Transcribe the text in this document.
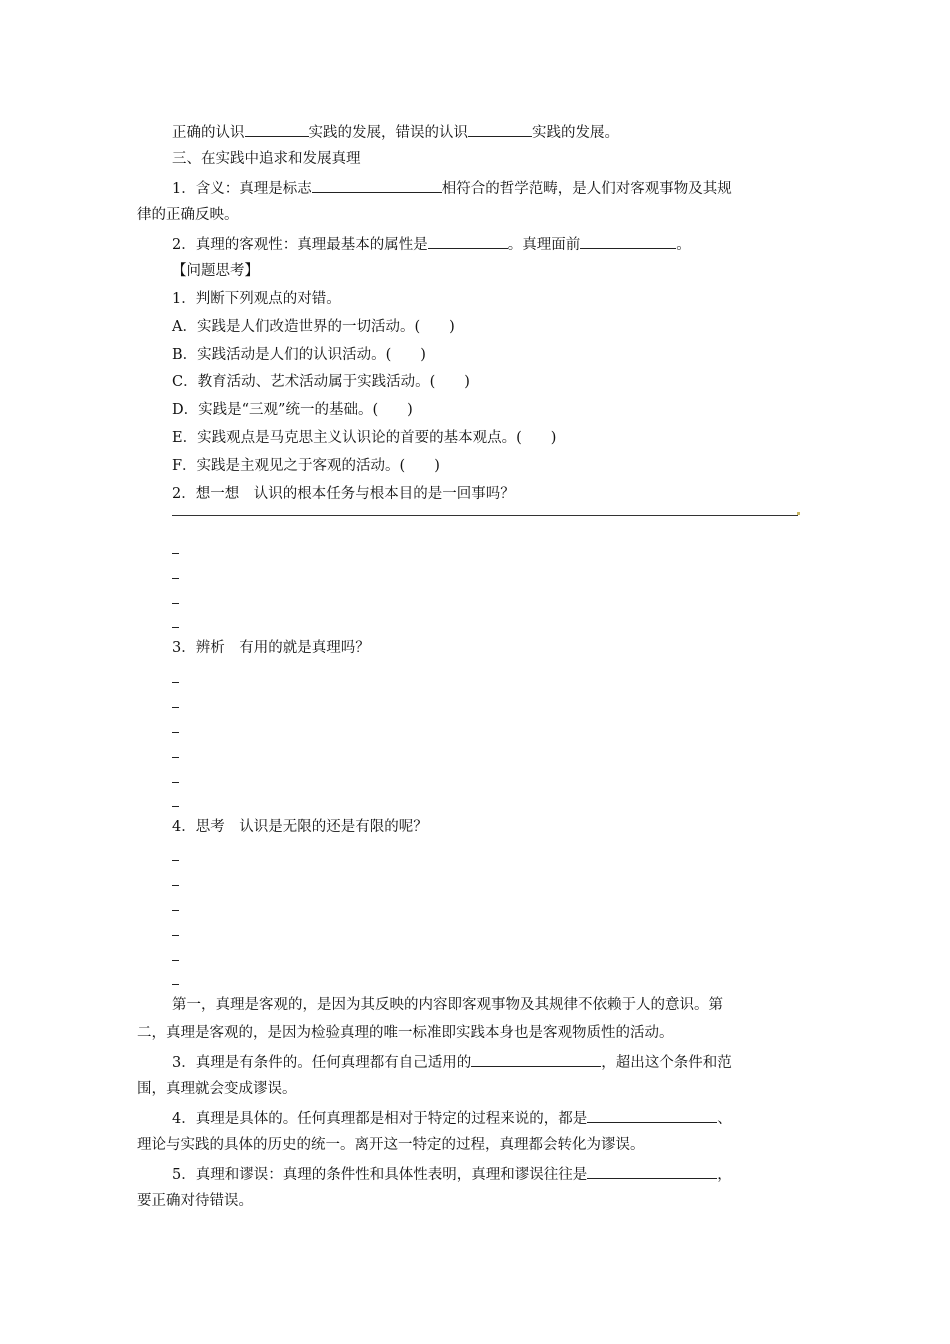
正确的认识	实践的发展，错误的认识	实践的发展。
三、在实践中追求和发展真理
1．含义：真理是标志	相符合的哲学范畴，是人们对客观事物及其规
律的正确反映。
2．真理的客观性：真理最基本的属性是	。真理面前	。
【问题思考】
1．判断下列观点的对错。
A．实践是人们改造世界的一切活动。(　　)
B．实践活动是人们的认识活动。(　　)
C．教育活动、艺术活动属于实践活动。(　　)
D．实践是“三观”统一的基础。(　　)
E．实践观点是马克思主义认识论的首要的基本观点。(　　)
F．实践是主观见之于客观的活动。(　　)
2．想一想　认识的根本任务与根本目的是一回事吗？
3．辨析　有用的就是真理吗？
4．思考　认识是无限的还是有限的呢？
第一，真理是客观的，是因为其反映的内容即客观事物及其规律不依赖于人的意识。第
二，真理是客观的，是因为检验真理的唯一标准即实践本身也是客观物质性的活动。
3．真理是有条件的。任何真理都有自己适用的	，超出这个条件和范
围，真理就会变成谬误。
4．真理是具体的。任何真理都是相对于特定的过程来说的，都是	、
理论与实践的具体的历史的统一。离开这一特定的过程，真理都会转化为谬误。
5．真理和谬误：真理的条件性和具体性表明，真理和谬误往往是	，
要正确对待错误。
